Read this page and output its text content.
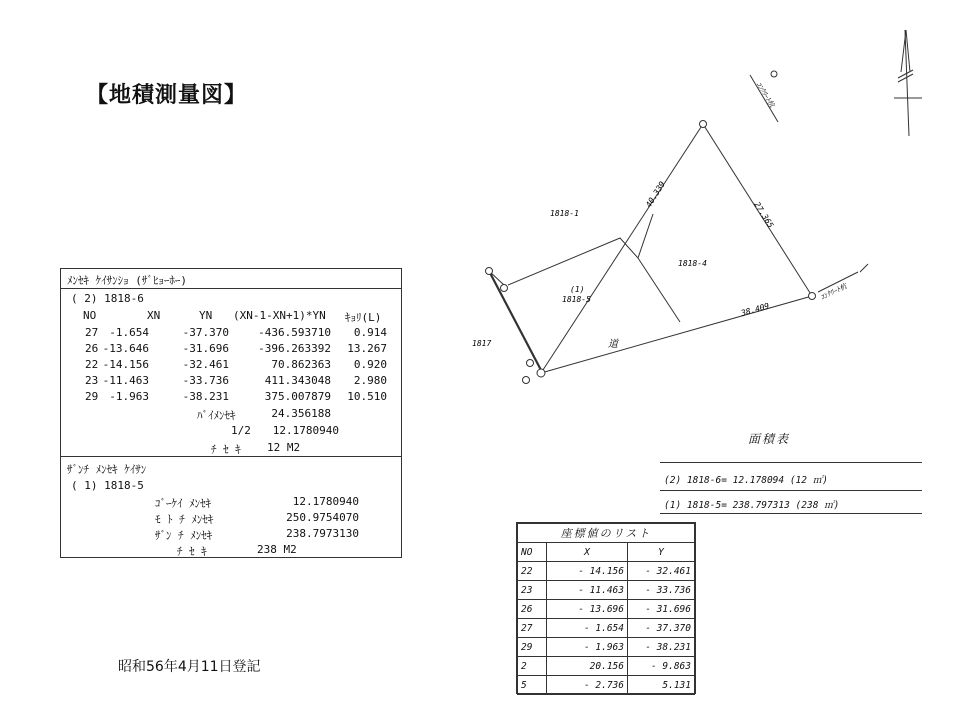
【地積測量図】
ﾒﾝｾｷ ｹｲｻﾝｼｮ (ｻﾞﾋｮｰﾎｰ)
( 2) 1818-6
NO	XN	YN (XN-1-XN+1)*YN ｷｮﾘ(L)
27 -1.654	-37.370	-436.593710 0.914
26 -13.646	-31.696	-396.263392 13.267
22 -14.156	-32.461	70.862363 0.920
23 -11.463	-33.736	411.343048 2.980
29 -1.963	-38.231	375.007879 10.510
ﾊﾞｲﾒﾝｾｷ	24.356188
1/2 12.1780940
ﾁ ｾ ｷ 12 M2
ｻﾞﾝﾁ ﾒﾝｾｷ ｹｲｻﾝ
( 1) 1818-5
ｺﾞｰｹｲ ﾒﾝｾｷ	12.1780940
ﾓ ﾄ ﾁ ﾒﾝｾｷ	250.9754070
ｻﾞﾝ ﾁ ﾒﾝｾｷ	238.7973130
ﾁ ｾ ｷ	238 M2
昭和56年4月11日登記
1818-1
1818-4
(1)
1818-5
1817	道
40.339
27.365
38.409
ｺﾝｸﾘｰﾄ杭
ｺﾝｸﾘｰﾄ杭
面積表
(2) 1818-6= 12.178094 (12 ㎡)
(1) 1818-5= 238.797313 (238 ㎡)
座標値のリスト		
NO	X	Y
22	- 14.156	- 32.461
23	- 11.463	- 33.736
26	- 13.696	- 31.696
27	- 1.654	- 37.370
29	- 1.963	- 38.231
2	20.156	- 9.863
5	- 2.736	5.131
